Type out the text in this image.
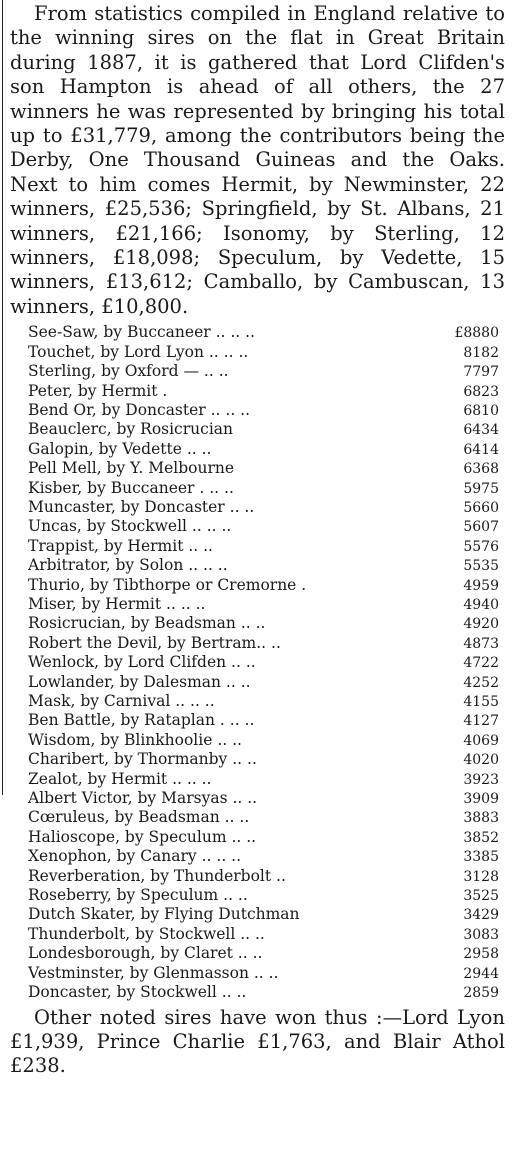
From statistics compiled in England relative to the winning sires on the flat in Great Britain during 1887, it is gathered that Lord Clifden's son Hampton is ahead of all others, the 27 winners he was represented by bringing his total up to £31,779, among the contributors being the Derby, One Thousand Guineas and the Oaks. Next to him comes Hermit, by Newminster, 22 winners, £25,536; Springfield, by St. Albans, 21 winners, £21,166; Isonomy, by Sterling, 12 winners, £18,098; Speculum, by Vedette, 15 winners, £13,612; Camballo, by Cambuscan, 13 winners, £10,800.

See-Saw, by Buccaneer .. .. ..	£8880
Touchet, by Lord Lyon .. .. ..	8182
Sterling, by Oxford — .. ..	7797
Peter, by Hermit .	6823
Bend Or, by Doncaster .. .. ..	6810
Beauclerc, by Rosicrucian	6434
Galopin, by Vedette .. ..	6414
Pell Mell, by Y. Melbourne	6368
Kisber, by Buccaneer . .. ..	5975
Muncaster, by Doncaster .. ..	5660
Uncas, by Stockwell .. .. ..	5607
Trappist, by Hermit .. ..	5576
Arbitrator, by Solon .. .. ..	5535
Thurio, by Tibthorpe or Cremorne .	4959
Miser, by Hermit .. .. ..	4940
Rosicrucian, by Beadsman .. ..	4920
Robert the Devil, by Bertram.. ..	4873
Wenlock, by Lord Clifden .. ..	4722
Lowlander, by Dalesman .. ..	4252
Mask, by Carnival .. .. ..	4155
Ben Battle, by Rataplan . .. ..	4127
Wisdom, by Blinkhoolie .. ..	4069
Charibert, by Thormanby .. ..	4020
Zealot, by Hermit .. .. ..	3923
Albert Victor, by Marsyas .. ..	3909
Cœruleus, by Beadsman .. ..	3883
Halioscope, by Speculum .. ..	3852
Xenophon, by Canary .. .. ..	3385
Reverberation, by Thunderbolt ..	3128
Roseberry, by Speculum .. ..	3525
Dutch Skater, by Flying Dutchman	3429
Thunderbolt, by Stockwell .. ..	3083
Londesborough, by Claret .. ..	2958
Vestminster, by Glenmasson .. ..	2944
Doncaster, by Stockwell .. ..	2859

Other noted sires have won thus :—Lord Lyon £1,939, Prince Charlie £1,763, and Blair Athol £238.
